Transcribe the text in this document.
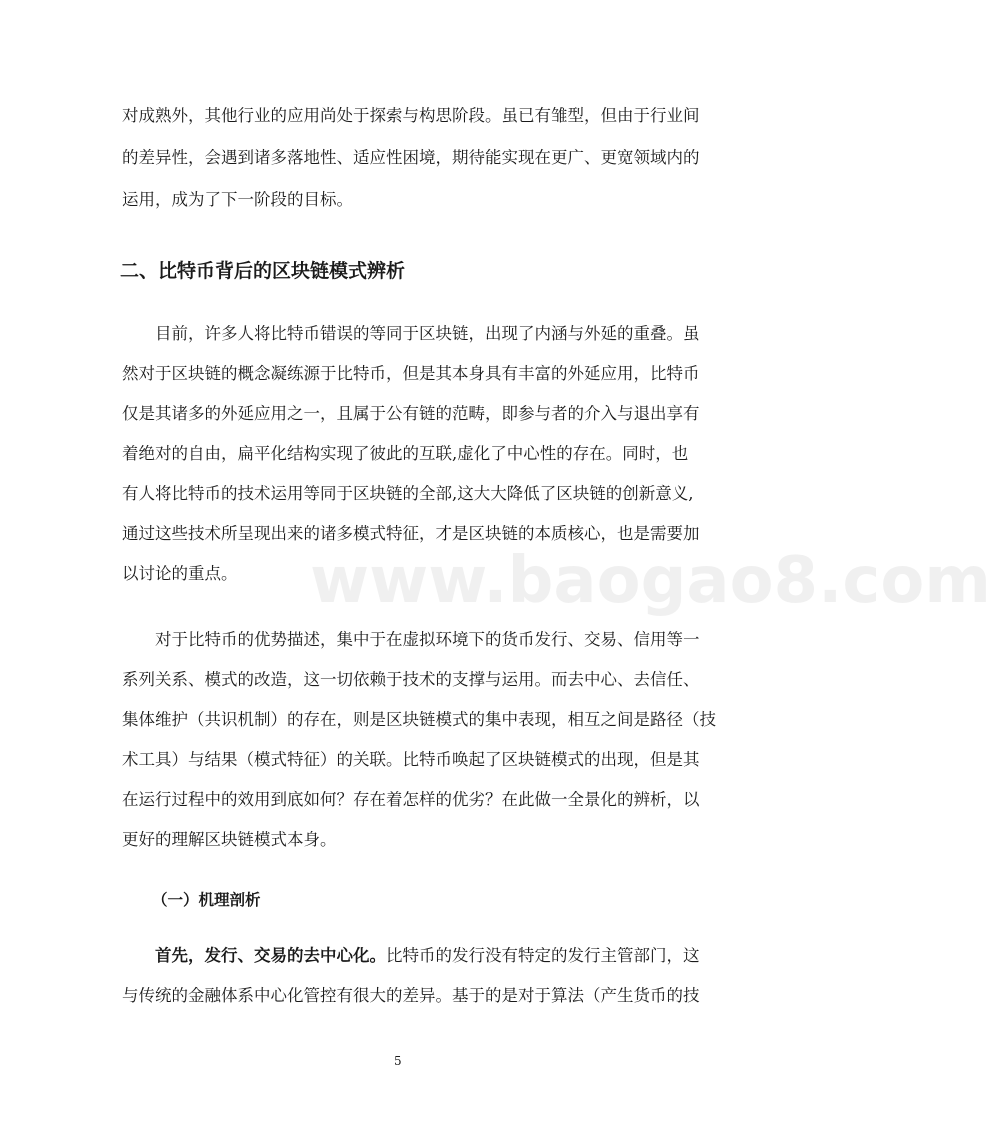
对成熟外，其他行业的应用尚处于探索与构思阶段。虽已有雏型，但由于行业间
的差异性，会遇到诸多落地性、适应性困境，期待能实现在更广、更宽领域内的
运用，成为了下一阶段的目标。
二、比特币背后的区块链模式辨析
目前，许多人将比特币错误的等同于区块链，出现了内涵与外延的重叠。虽
然对于区块链的概念凝练源于比特币，但是其本身具有丰富的外延应用，比特币
仅是其诸多的外延应用之一，且属于公有链的范畴，即参与者的介入与退出享有
着绝对的自由，扁平化结构实现了彼此的互联,虚化了中心性的存在。同时，也
有人将比特币的技术运用等同于区块链的全部,这大大降低了区块链的创新意义,
通过这些技术所呈现出来的诸多模式特征，才是区块链的本质核心，也是需要加
以讨论的重点。	www.baogao8.com
对于比特币的优势描述，集中于在虚拟环境下的货币发行、交易、信用等一
系列关系、模式的改造，这一切依赖于技术的支撑与运用。而去中心、去信任、
集体维护（共识机制）的存在，则是区块链模式的集中表现，相互之间是路径（技
术工具）与结果（模式特征）的关联。比特币唤起了区块链模式的出现，但是其
在运行过程中的效用到底如何？存在着怎样的优劣？在此做一全景化的辨析，以
更好的理解区块链模式本身。
（一）机理剖析
首先，发行、交易的去中心化。比特币的发行没有特定的发行主管部门，这
与传统的金融体系中心化管控有很大的差异。基于的是对于算法（产生货币的技
5
